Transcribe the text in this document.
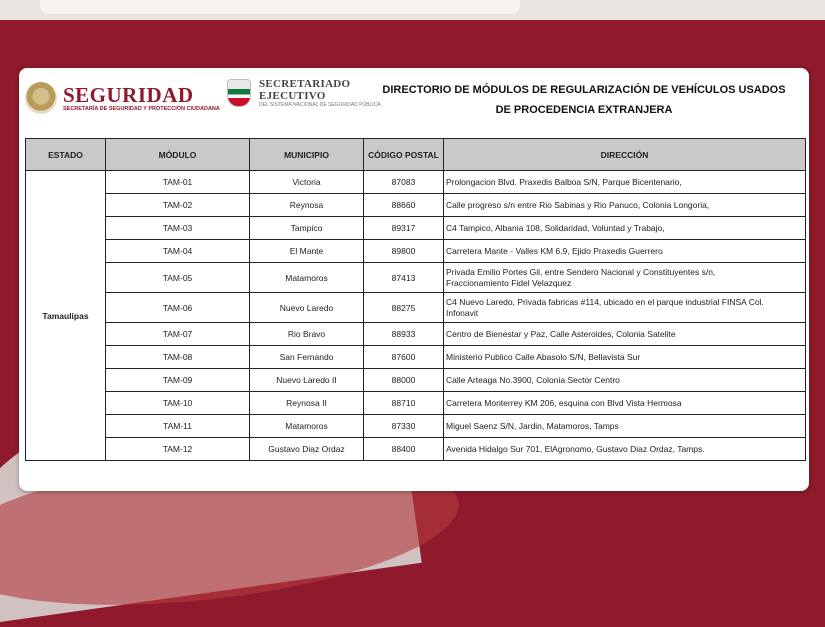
SEGURIDAD
SECRETARÍA DE SEGURIDAD Y PROTECCIÓN CIUDADANA
SECRETARIADO
EJECUTIVO
DEL SISTEMA NACIONAL DE SEGURIDAD PÚBLICA
DIRECTORIO DE MÓDULOS DE REGULARIZACIÓN DE VEHÍCULOS USADOS
DE PROCEDENCIA EXTRANJERA
ESTADO	MÓDULO	MUNICIPIO	CÓDIGO POSTAL	DIRECCIÓN
Tamaulipas	TAM-01	Victoria	87083	Prolongacion Blvd. Praxedis Balboa S/N, Parque Bicentenario,
	TAM-02	Reynosa	88660	Calle progreso s/n entre Rio Sabinas y Rio Panuco, Colonia Longoria,
	TAM-03	Tampico	89317	C4 Tampico, Albania 108, Solidaridad, Voluntad y Trabajo,
	TAM-04	El Mante	89800	Carretera Mante - Valles KM 6.9, Ejido Praxedis Guerrero
	TAM-05	Matamoros	87413	Privada Emilio Portes Gil, entre Sendero Nacional y Constituyentes s/n,
Fraccionamiento Fidel Velazquez
	TAM-06	Nuevo Laredo	88275	C4 Nuevo Laredo, Privada fabricas #114, ubicado en el parque industrial FINSA Col.
Infonavit
	TAM-07	Rio Bravo	88933	Centro de Bienestar y Paz, Calle Asteroides, Colonia Satelite
	TAM-08	San Fernando	87600	Ministerio Publico Calle Abasolo S/N, Bellavista Sur
	TAM-09	Nuevo Laredo II	88000	Calle Arteaga No.3900, Colonia Sector Centro
	TAM-10	Reynosa II	88710	Carretera Monterrey KM 206, esquina con Blvd Vista Hermosa
	TAM-11	Matamoros	87330	Miguel Saenz S/N, Jardin, Matamoros, Tamps
	TAM-12	Gustavo Diaz Ordaz	88400	Avenida Hidalgo Sur 701, ElAgronomo, Gustavo Diaz Ordaz, Tamps.
